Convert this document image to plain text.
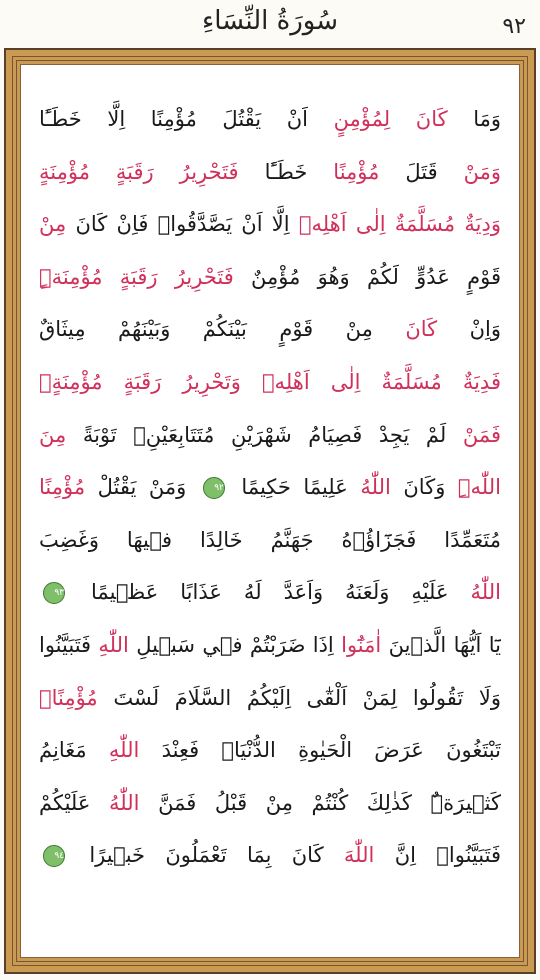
سُورَةُ النِّسَاءِ	٩٢
وَمَا كَانَ لِمُؤْمِنٍ اَنْ يَقْتُلَ مُؤْمِنًا اِلَّا خَطَـًٔا
وَمَنْ قَتَلَ مُؤْمِنًا خَطَـًٔا فَتَحْرِيرُ رَقَبَةٍ مُؤْمِنَةٍ
وَدِيَةٌ مُسَلَّمَةٌ اِلٰى اَهْلِه۪ اِلَّا اَنْ يَصَّدَّقُواۜ فَاِنْ كَانَ مِنْ
قَوْمٍ عَدُوٍّ لَكُمْ وَهُوَ مُؤْمِنٌ فَتَحْرِيرُ رَقَبَةٍ مُؤْمِنَةٍۜ
وَاِنْ كَانَ مِنْ قَوْمٍ بَيْنَكُمْ وَبَيْنَهُمْ مِيثَاقٌ
فَدِيَةٌ مُسَلَّمَةٌ اِلٰى اَهْلِه۪ وَتَحْرِيرُ رَقَبَةٍ مُؤْمِنَةٍۚ
فَمَنْ لَمْ يَجِدْ فَصِيَامُ شَهْرَيْنِ مُتَتَابِعَيْنِۘ تَوْبَةً مِنَ
اللّٰهِۜ وَكَانَ اللّٰهُ عَلِيمًا حَكِيمًا ٩٢ وَمَنْ يَقْتُلْ مُؤْمِنًا
مُتَعَمِّدًا فَجَزَٓاؤُ۬هُ جَهَنَّمُ خَالِدًا ف۪يهَا وَغَضِبَ
اللّٰهُ عَلَيْهِ وَلَعَنَهُ وَاَعَدَّ لَهُ عَذَابًا عَظ۪يمًا ٩٣
يَٓا اَيُّهَا الَّذ۪ينَ اٰمَنُٓوا اِذَا ضَرَبْتُمْ ف۪ي سَب۪يلِ اللّٰهِ فَتَبَيَّنُوا
وَلَا تَقُولُوا لِمَنْ اَلْقٰٓى اِلَيْكُمُ السَّلَامَ لَسْتَ مُؤْمِنًاۚ
تَبْتَغُونَ عَرَضَ الْحَيٰوةِ الدُّنْيَاۘ فَعِنْدَ اللّٰهِ مَغَانِمُ
كَث۪يرَةٌۜ كَذٰلِكَ كُنْتُمْ مِنْ قَبْلُ فَمَنَّ اللّٰهُ عَلَيْكُمْ
فَتَبَيَّنُواۜ اِنَّ اللّٰهَ كَانَ بِمَا تَعْمَلُونَ خَب۪يرًا ٩٤
